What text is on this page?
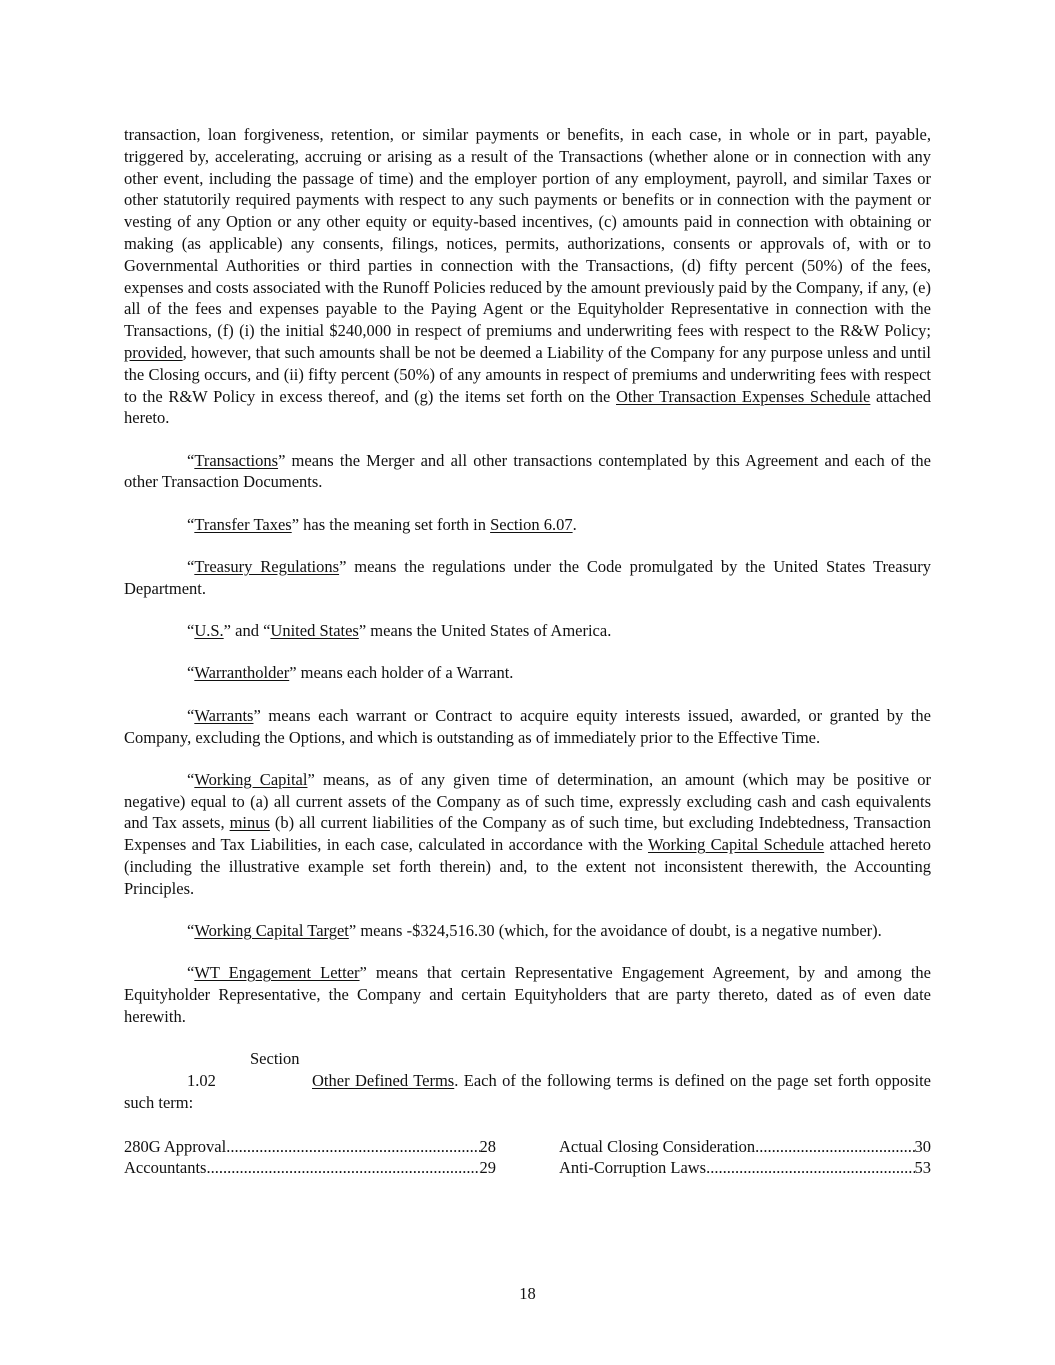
transaction, loan forgiveness, retention, or similar payments or benefits, in each case, in whole or in part, payable, triggered by, accelerating, accruing or arising as a result of the Transactions (whether alone or in connection with any other event, including the passage of time) and the employer portion of any employment, payroll, and similar Taxes or other statutorily required payments with respect to any such payments or benefits or in connection with the payment or vesting of any Option or any other equity or equity-based incentives, (c) amounts paid in connection with obtaining or making (as applicable) any consents, filings, notices, permits, authorizations, consents or approvals of, with or to Governmental Authorities or third parties in connection with the Transactions, (d) fifty percent (50%) of the fees, expenses and costs associated with the Runoff Policies reduced by the amount previously paid by the Company, if any, (e) all of the fees and expenses payable to the Paying Agent or the Equityholder Representative in connection with the Transactions, (f) (i) the initial $240,000 in respect of premiums and underwriting fees with respect to the R&W Policy; provided, however, that such amounts shall be not be deemed a Liability of the Company for any purpose unless and until the Closing occurs, and (ii) fifty percent (50%) of any amounts in respect of premiums and underwriting fees with respect to the R&W Policy in excess thereof, and (g) the items set forth on the Other Transaction Expenses Schedule attached hereto.

“Transactions” means the Merger and all other transactions contemplated by this Agreement and each of the other Transaction Documents.

“Transfer Taxes” has the meaning set forth in Section 6.07.

“Treasury Regulations” means the regulations under the Code promulgated by the United States Treasury Department.

“U.S.” and “United States” means the United States of America.

“Warrantholder” means each holder of a Warrant.

“Warrants” means each warrant or Contract to acquire equity interests issued, awarded, or granted by the Company, excluding the Options, and which is outstanding as of immediately prior to the Effective Time.

“Working Capital” means, as of any given time of determination, an amount (which may be positive or negative) equal to (a) all current assets of the Company as of such time, expressly excluding cash and cash equivalents and Tax assets, minus (b) all current liabilities of the Company as of such time, but excluding Indebtedness, Transaction Expenses and Tax Liabilities, in each case, calculated in accordance with the Working Capital Schedule attached hereto (including the illustrative example set forth therein) and, to the extent not inconsistent therewith, the Accounting Principles.

“Working Capital Target” means -$324,516.30 (which, for the avoidance of doubt, is a negative number).

“WT Engagement Letter” means that certain Representative Engagement Agreement, by and among the Equityholder Representative, the Company and certain Equityholders that are party thereto, dated as of even date herewith.

Section 1.02	Other Defined Terms. Each of the following terms is defined on the page set forth opposite such term:

280G Approval .....	28
Accountants .....	29
Actual Closing Consideration .....	30
Anti-Corruption Laws .....	53
18
